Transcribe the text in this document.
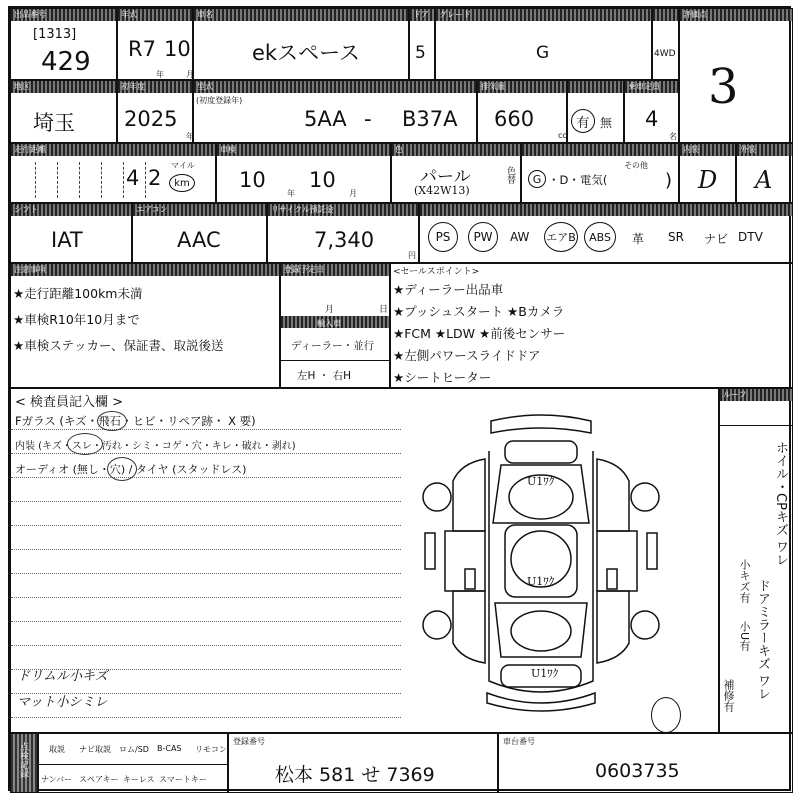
出品番号
[1313]
429
年式
R7 10
年	月
車名
ekスペース
ドア
5
グレード
G	4WD
評価点
3
地区
埼玉
初年度
2025
年
型式
(初度登録年)
5AA - B37A
排気量
660
cc
有 無
乗車定員
4
名
走行距離
4 2
マイル
km
車検
10
年
10
月
色
パール
(X42W13)
色替	G ・D・電気(
その他
)
内装
D
外装
A
シフト
IAT
エアコン
AAC
リサイクル預託金
7,340
円
PS	PW	AW エアB	ABS	革 SR ナビ DTV
注意事項
★走行距離100km未満
★車検R10年10月まで
★車検ステッカー、保証書、取説後送
登録予定日
月	日
輸入車
ディーラー・並行
左H ・ 右H
<セールスポイント>
★ディーラー出品車
★プッシュスタート ★Bカメラ
★FCM ★LDW ★前後センサー
★左側パワースライドドア
★シートヒーター
< 検査員記入欄 >
Fガラス (キズ・飛石・ヒビ・リペア跡・ X 要)
内装 (キズ・スレ・汚れ・シミ・コゲ・穴・キレ・破れ・剥れ)
オーディオ (無し・穴) / タイヤ (スタッドレス)
ドリムル小キズ
マット小シミレ
U1ﾜｸ
U1ﾜｸ
U1ﾜｸ
ルーフ
ホイル・CPキズ ワレ
ドアミラーキズ ワレ
小キズ有
小U有
補修有
点検記録	取説 ナビ取説 ロム/SD B-CAS リモコン
ナンバー スペアキー キーレス スマートキー
登録番号
松本 581 せ 7369
車台番号
0603735
